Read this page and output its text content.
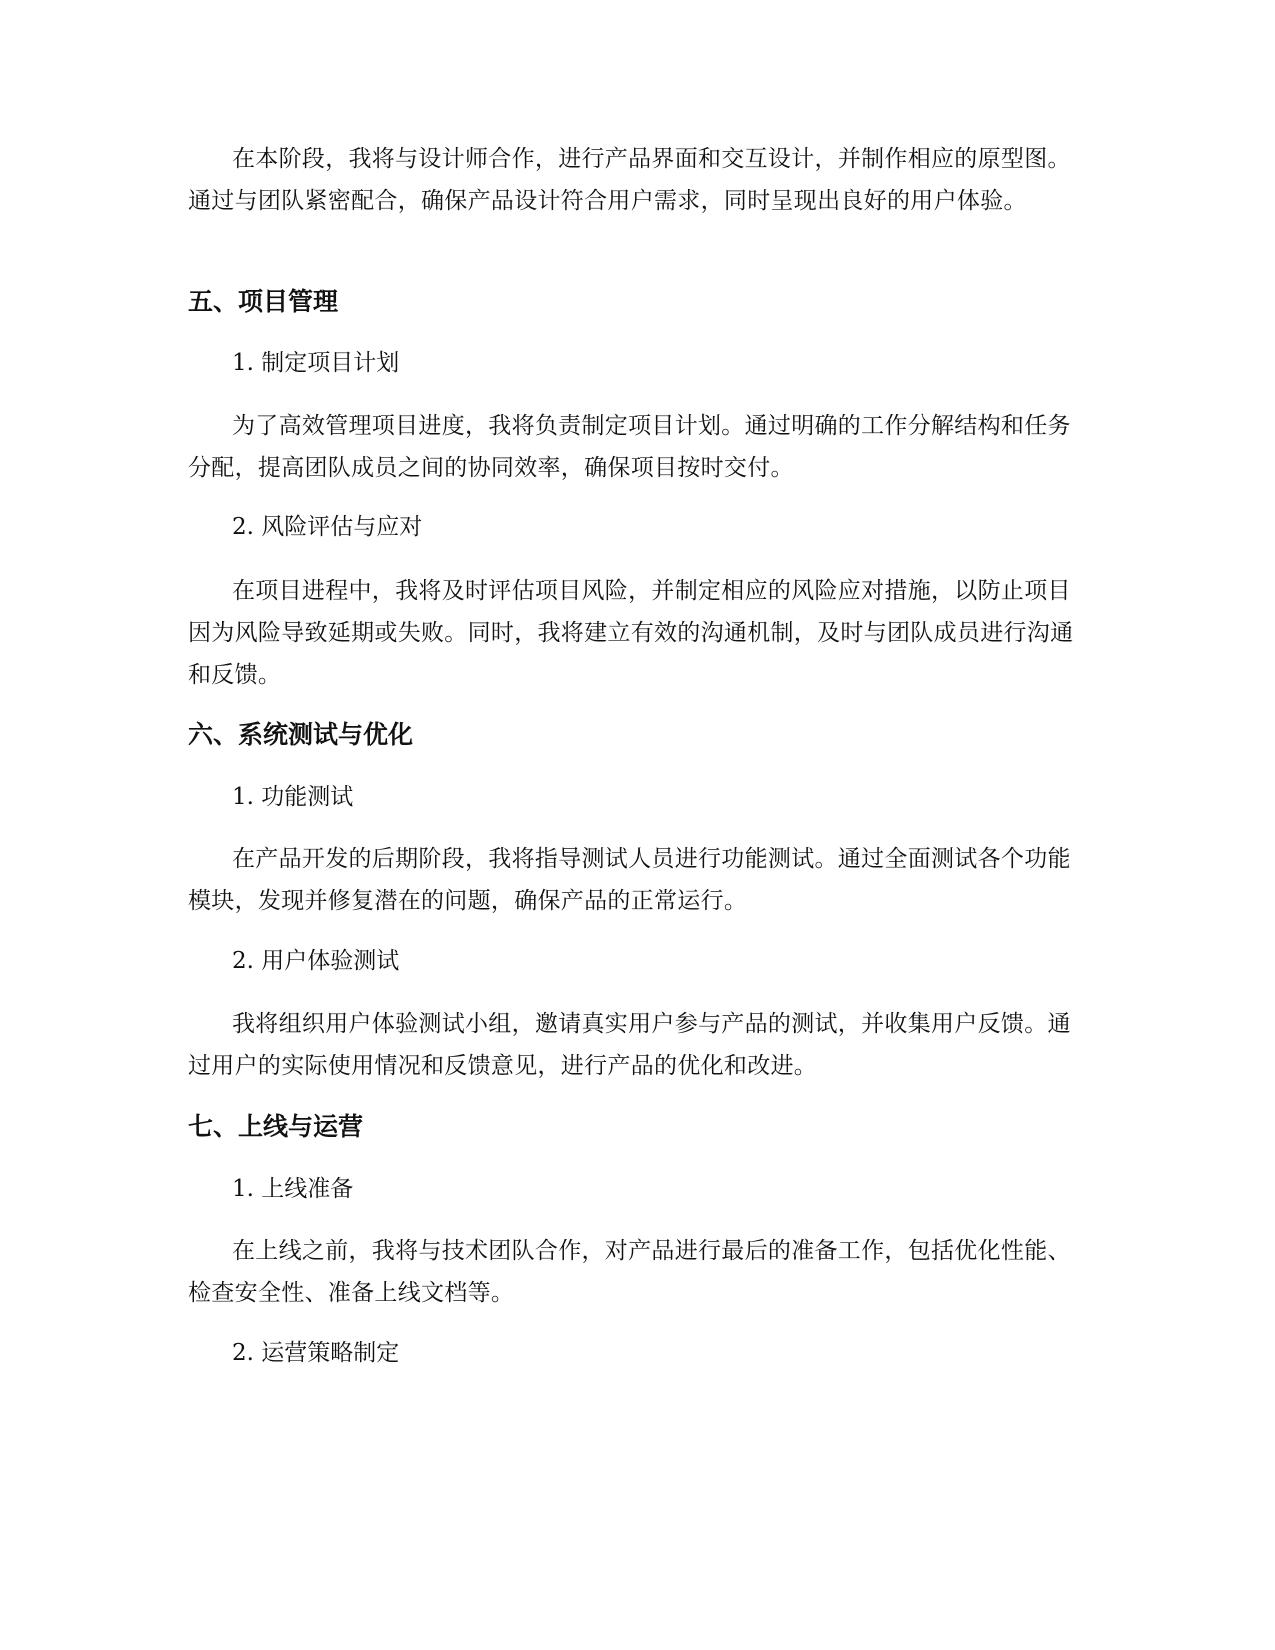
在本阶段，我将与设计师合作，进行产品界面和交互设计，并制作相应的原型图。通过与团队紧密配合，确保产品设计符合用户需求，同时呈现出良好的用户体验。

五、项目管理

1. 制定项目计划

为了高效管理项目进度，我将负责制定项目计划。通过明确的工作分解结构和任务分配，提高团队成员之间的协同效率，确保项目按时交付。

2. 风险评估与应对

在项目进程中，我将及时评估项目风险，并制定相应的风险应对措施，以防止项目因为风险导致延期或失败。同时，我将建立有效的沟通机制，及时与团队成员进行沟通和反馈。

六、系统测试与优化

1. 功能测试

在产品开发的后期阶段，我将指导测试人员进行功能测试。通过全面测试各个功能模块，发现并修复潜在的问题，确保产品的正常运行。

2. 用户体验测试

我将组织用户体验测试小组，邀请真实用户参与产品的测试，并收集用户反馈。通过用户的实际使用情况和反馈意见，进行产品的优化和改进。

七、上线与运营

1. 上线准备

在上线之前，我将与技术团队合作，对产品进行最后的准备工作，包括优化性能、检查安全性、准备上线文档等。

2. 运营策略制定
